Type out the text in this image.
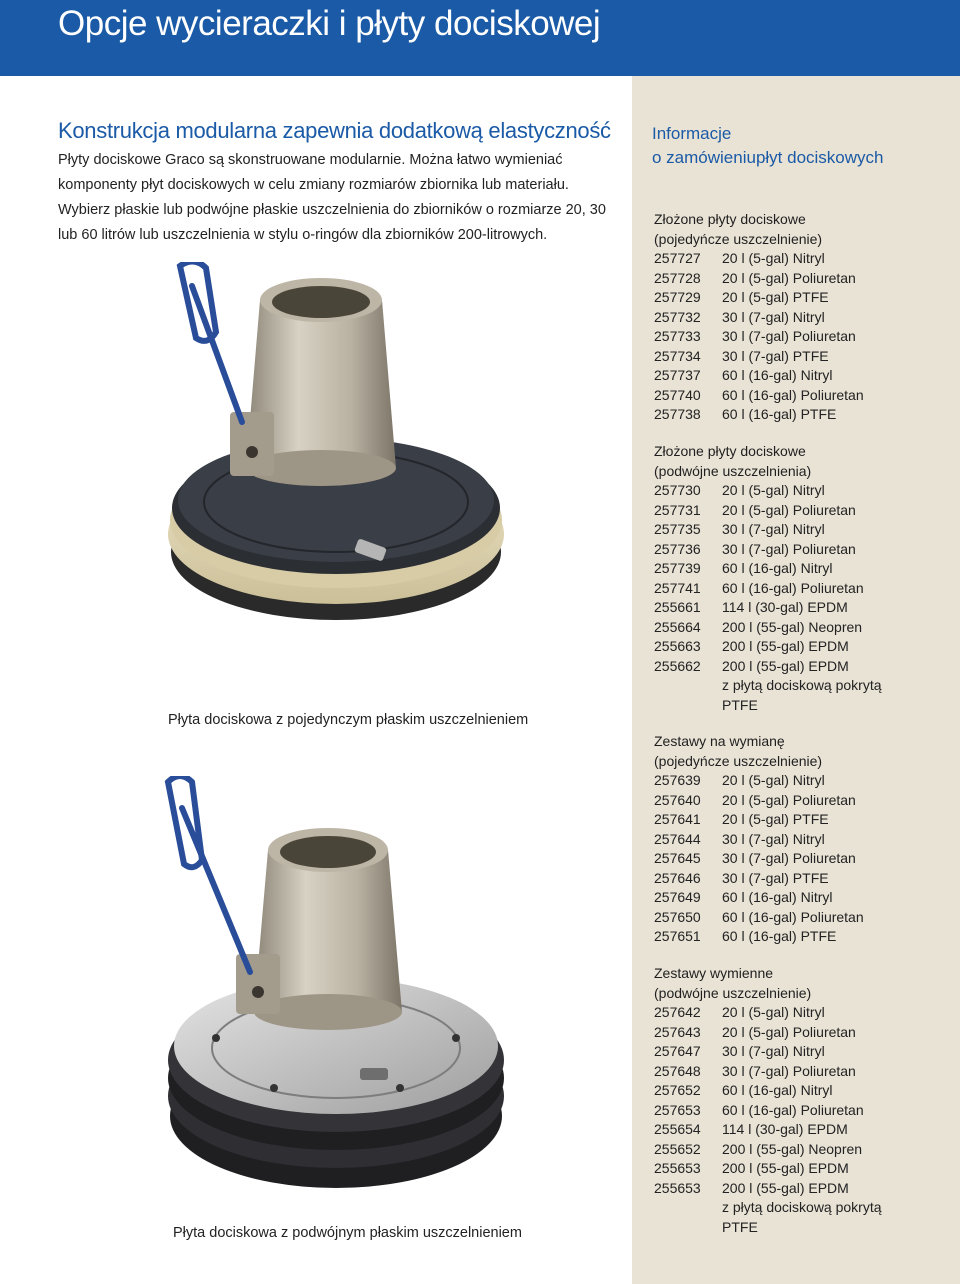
Opcje wycieraczki i płyty dociskowej
Konstrukcja modularna zapewnia dodatkową elastyczność

Płyty dociskowe Graco są skonstruowane modularnie. Można łatwo wymieniać komponenty płyt dociskowych w celu zmiany rozmiarów zbiornika lub materiału. Wybierz płaskie lub podwójne płaskie uszczelnienia do zbiorników o rozmiarze 20, 30 lub 60 litrów lub uszczelnienia w stylu o-ringów dla zbiorników 200-litrowych.

Płyta dociskowa z pojedynczym płaskim uszczelnieniem
Płyta dociskowa z podwójnym płaskim uszczelnieniem
Informacje
o zamówieniupłyt dociskowych
Złożone płyty dociskowe
(pojedyńcze uszczelnienie)
257727	20 l (5-gal) Nitryl
257728	20 l (5-gal) Poliuretan
257729	20 l (5-gal) PTFE
257732	30 l (7-gal) Nitryl
257733	30 l (7-gal) Poliuretan
257734	30 l (7-gal) PTFE
257737	60 l (16-gal) Nitryl
257740	60 l (16-gal) Poliuretan
257738	60 l (16-gal) PTFE
Złożone płyty dociskowe
(podwójne uszczelnienia)
257730	20 l (5-gal) Nitryl
257731	20 l (5-gal) Poliuretan
257735	30 l (7-gal) Nitryl
257736	30 l (7-gal) Poliuretan
257739	60 l (16-gal) Nitryl
257741	60 l (16-gal) Poliuretan
255661	114 l (30-gal) EPDM
255664	200 l (55-gal) Neopren
255663	200 l (55-gal) EPDM
255662	200 l (55-gal) EPDM
z płytą dociskową pokrytą
PTFE
Zestawy na wymianę
(pojedyńcze uszczelnienie)
257639	20 l (5-gal) Nitryl
257640	20 l (5-gal) Poliuretan
257641	20 l (5-gal) PTFE
257644	30 l (7-gal) Nitryl
257645	30 l (7-gal) Poliuretan
257646	30 l (7-gal) PTFE
257649	60 l (16-gal) Nitryl
257650	60 l (16-gal) Poliuretan
257651	60 l (16-gal) PTFE
Zestawy wymienne
(podwójne uszczelnienie)
257642	20 l (5-gal) Nitryl
257643	20 l (5-gal) Poliuretan
257647	30 l (7-gal) Nitryl
257648	30 l (7-gal) Poliuretan
257652	60 l (16-gal) Nitryl
257653	60 l (16-gal) Poliuretan
255654	114 l (30-gal) EPDM
255652	200 l (55-gal) Neopren
255653	200 l (55-gal) EPDM
255653	200 l (55-gal) EPDM
z płytą dociskową pokrytą
PTFE
